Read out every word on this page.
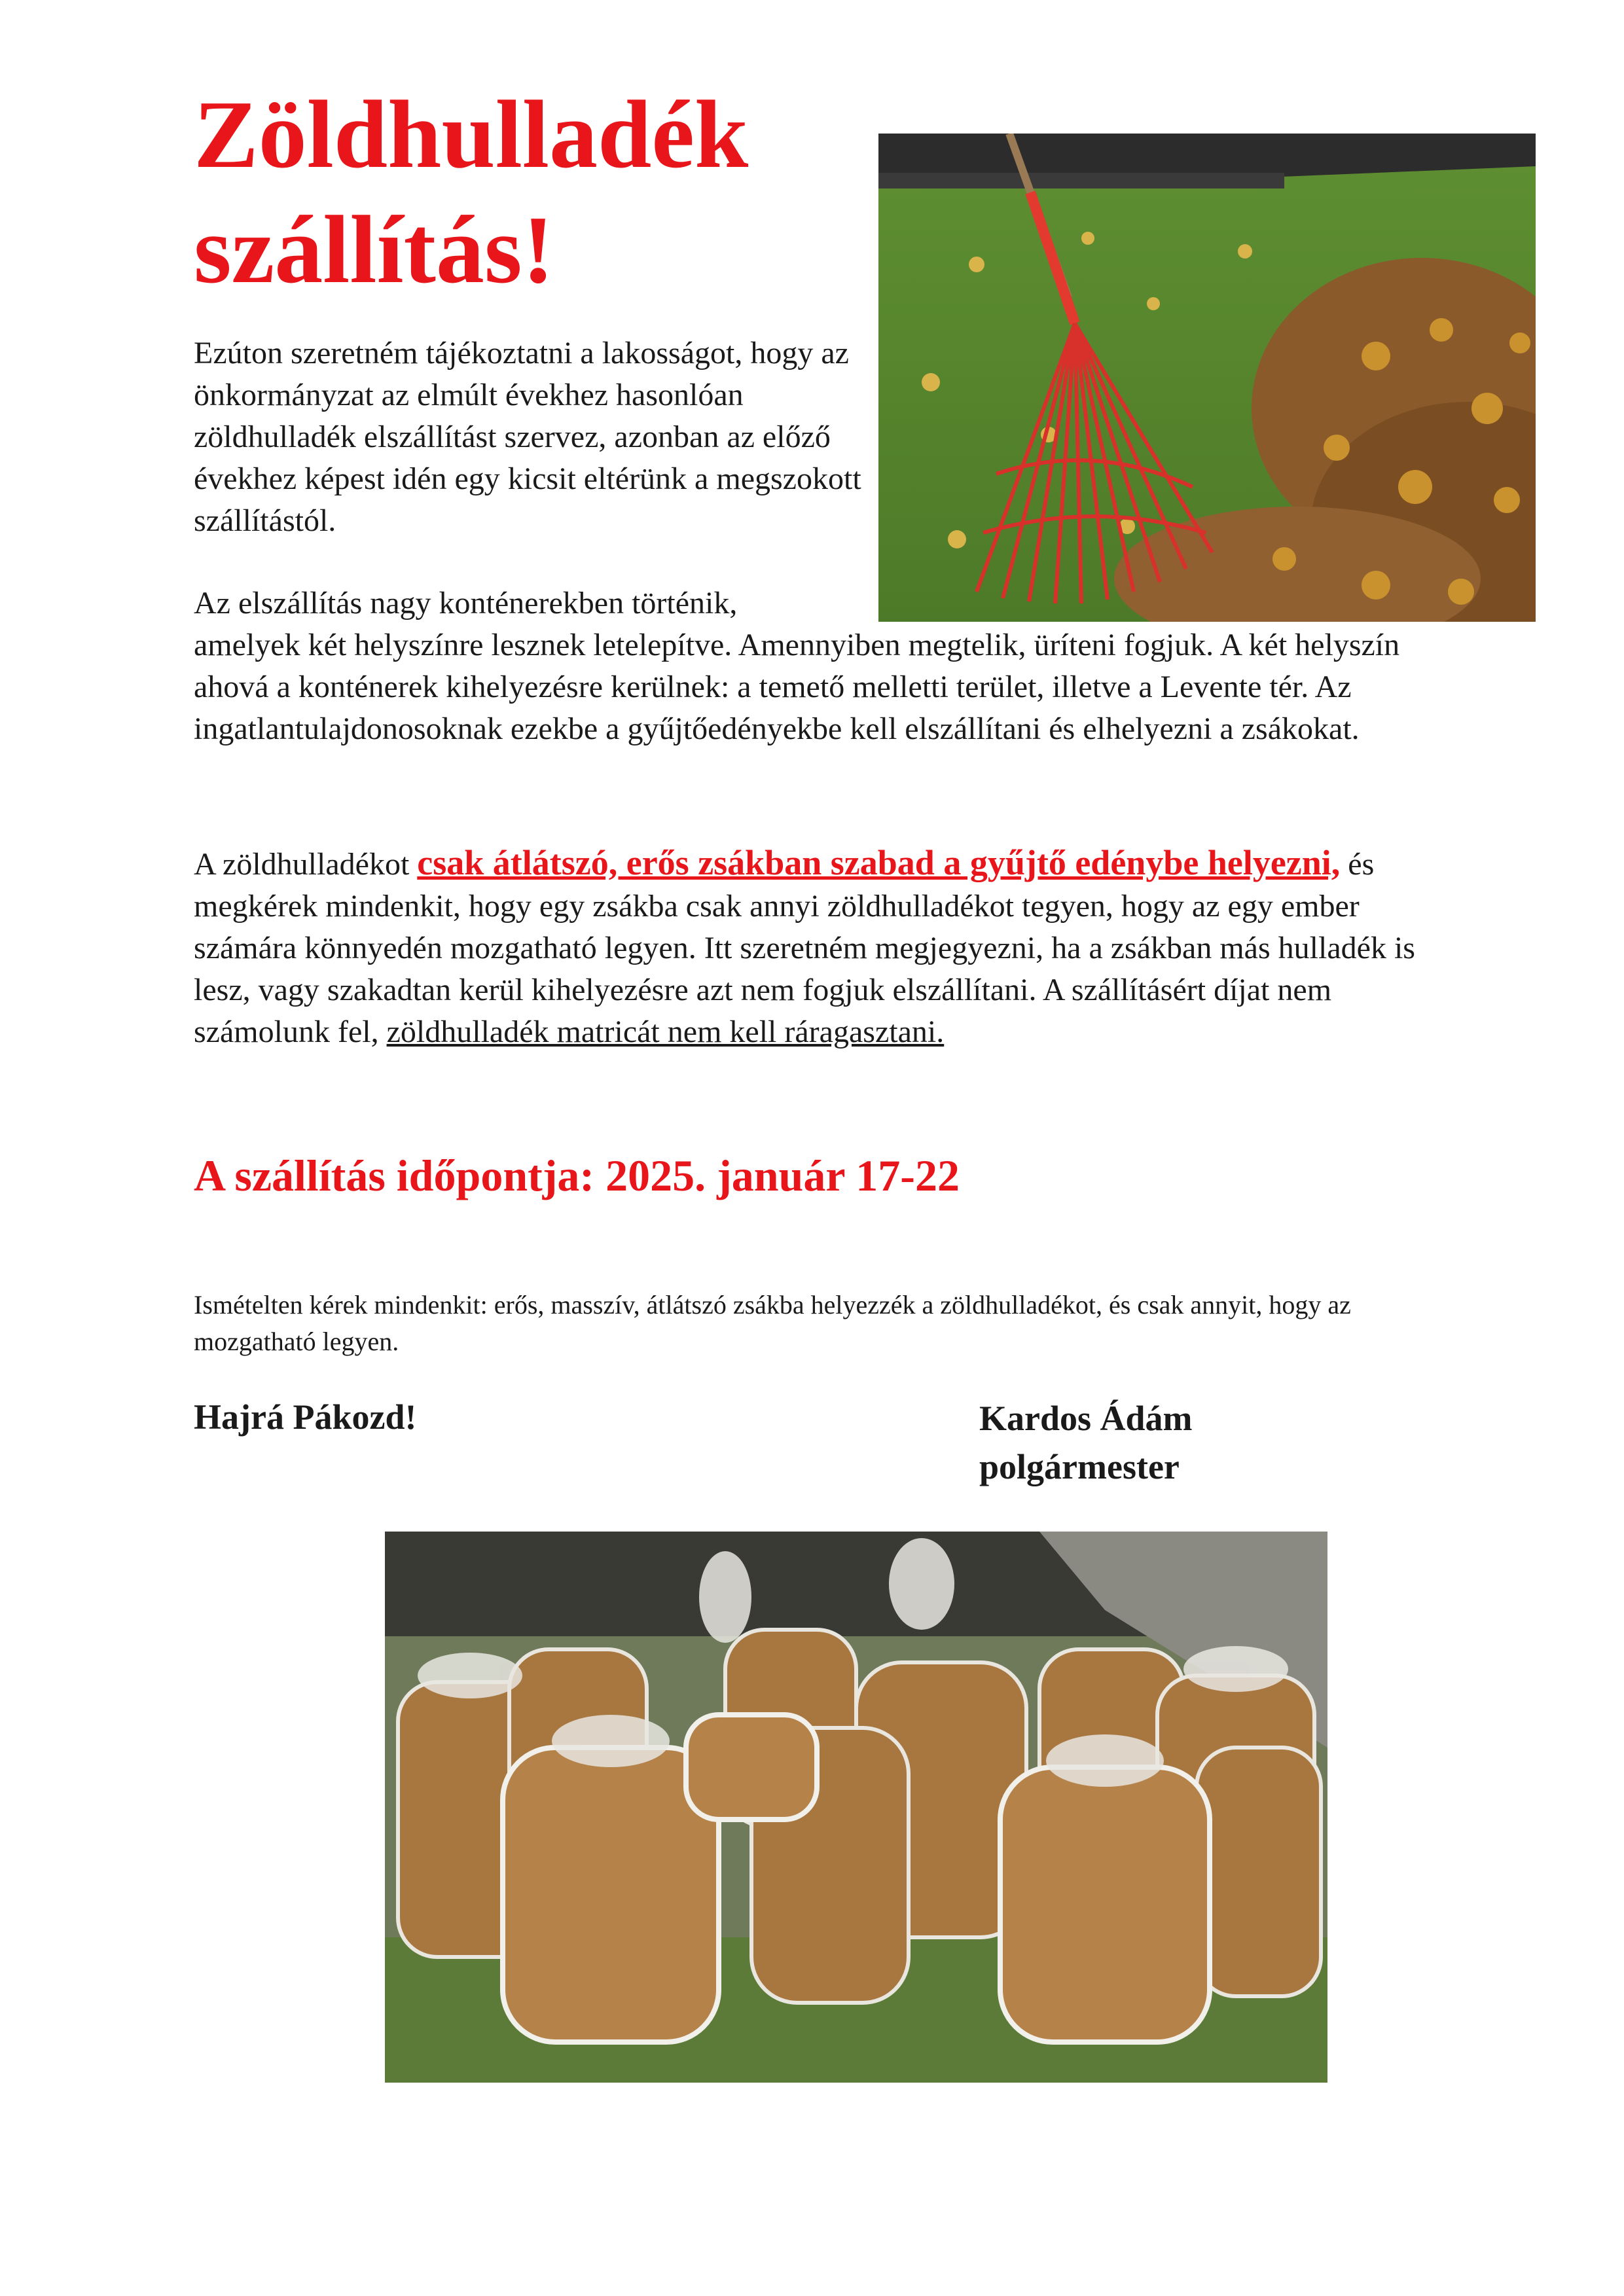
Zöldhulladék
szállítás!

Ezúton szeretném tájékoztatni a lakosságot, hogy az önkormányzat az elmúlt évekhez hasonlóan zöldhulladék elszállítást szervez, azonban az előző évekhez képest idén egy kicsit eltérünk a megszokott szállítástól.

Az elszállítás nagy konténerekben történik, amelyek két helyszínre lesznek letelepítve. Amennyiben megtelik, üríteni fogjuk. A két helyszín ahová a konténerek kihelyezésre kerülnek: a temető melletti terület, illetve a Levente tér. Az ingatlantulajdonosoknak ezekbe a gyűjtőedényekbe kell elszállítani és elhelyezni a zsákokat.

A zöldhulladékot csak átlátszó, erős zsákban szabad a gyűjtő edénybe helyezni, és megkérek mindenkit, hogy egy zsákba csak annyi zöldhulladékot tegyen, hogy az egy ember számára könnyedén mozgatható legyen. Itt szeretném megjegyezni, ha a zsákban más hulladék is lesz, vagy szakadtan kerül kihelyezésre azt nem fogjuk elszállítani. A szállításért díjat nem számolunk fel, zöldhulladék matricát nem kell ráragasztani.

A szállítás időpontja: 2025. január 17-22

Ismételten kérek mindenkit: erős, masszív, átlátszó zsákba helyezzék a zöldhulladékot, és csak annyit, hogy az mozgatható legyen.

Hajrá Pákozd!	Kardos Ádám
polgármester
